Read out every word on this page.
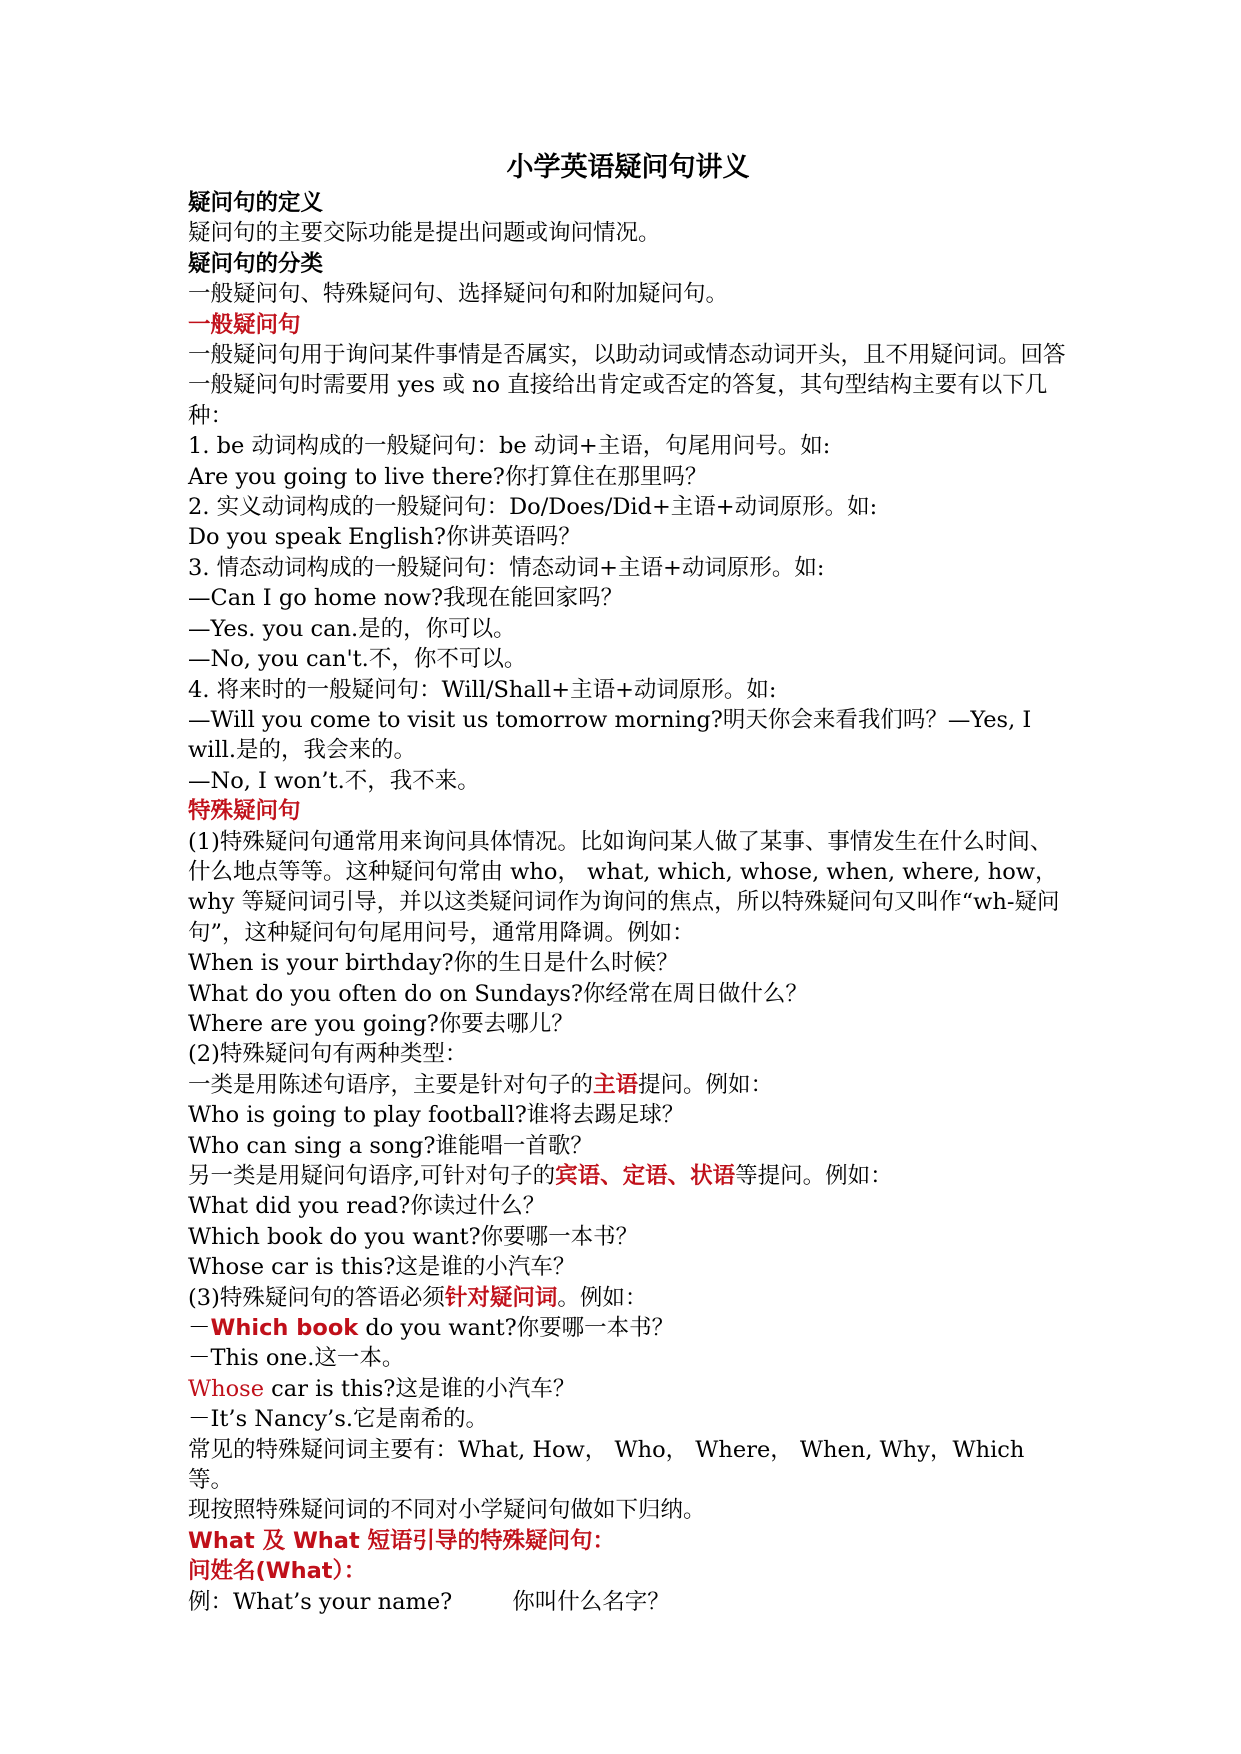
小学英语疑问句讲义
疑问句的定义
疑问句的主要交际功能是提出问题或询问情况。
疑问句的分类
一般疑问句、特殊疑问句、选择疑问句和附加疑问句。
一般疑问句
一般疑问句用于询问某件事情是否属实，以助动词或情态动词开头，且不用疑问词。回答一般疑问句时需要用 yes 或 no 直接给出肯定或否定的答复，其句型结构主要有以下几种：
1. be 动词构成的一般疑问句：be 动词+主语，句尾用问号。如:
Are you going to live there?你打算住在那里吗？
2. 实义动词构成的一般疑问句：Do/Does/Did+主语+动词原形。如:
Do you speak English?你讲英语吗？
3. 情态动词构成的一般疑问句：情态动词+主语+动词原形。如:
—Can I go home now?我现在能回家吗？
—Yes. you can.是的，你可以。
—No, you can't.不，你不可以。
4. 将来时的一般疑问句：Will/Shall+主语+动词原形。如:
—Will you come to visit us tomorrow morning?明天你会来看我们吗？—Yes, I will.是的，我会来的。
—No, I won’t.不，我不来。
特殊疑问句
(1)特殊疑问句通常用来询问具体情况。比如询问某人做了某事、事情发生在什么时间、什么地点等等。这种疑问句常由 who， what, which, whose, when, where, how，why 等疑问词引导，并以这类疑问词作为询问的焦点，所以特殊疑问句又叫作“wh-疑问句”，这种疑问句句尾用问号，通常用降调。例如：
When is your birthday?你的生日是什么时候？
What do you often do on Sundays?你经常在周日做什么？
Where are you going?你要去哪儿？
(2)特殊疑问句有两种类型：
一类是用陈述句语序，主要是针对句子的主语提问。例如：
Who is going to play football?谁将去踢足球？
Who can sing a song?谁能唱一首歌？
另一类是用疑问句语序,可针对句子的宾语、定语、状语等提问。例如：
What did you read?你读过什么？
Which book do you want?你要哪一本书？
Whose car is this?这是谁的小汽车？
(3)特殊疑问句的答语必须针对疑问词。例如：
－Which book do you want?你要哪一本书？
－This one.这一本。
Whose car is this?这是谁的小汽车？
－It’s Nancy’s.它是南希的。
常见的特殊疑问词主要有：What, How， Who， Where， When, Why，Which 等。
现按照特殊疑问词的不同对小学疑问句做如下归纳。
What 及 What 短语引导的特殊疑问句：
问姓名(What）：
例：What’s your name?	你叫什么名字？
